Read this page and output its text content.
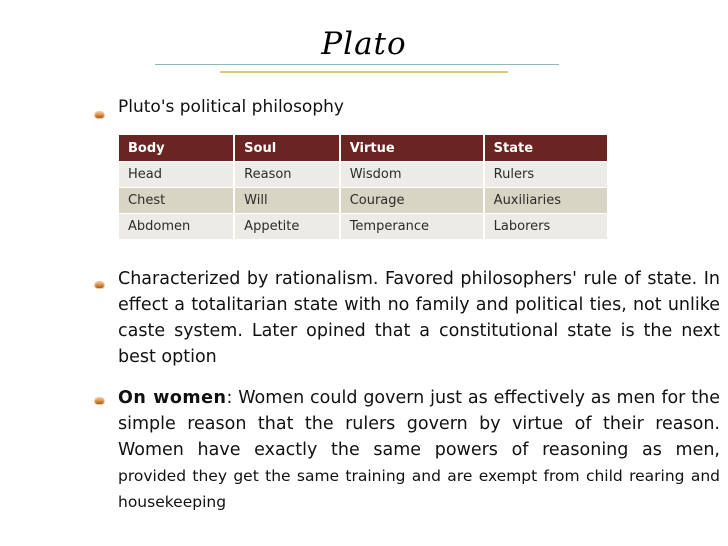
Plato
Pluto's political philosophy
Body	Soul	Virtue	State
Head	Reason	Wisdom	Rulers
Chest	Will	Courage	Auxiliaries
Abdomen	Appetite	Temperance	Laborers
Characterized by rationalism. Favored philosophers' rule of state. In effect a totalitarian state with no family and political ties, not unlike caste system. Later opined that a constitutional state is the next best option
On women: Women could govern just as effectively as men for the simple reason that the rulers govern by virtue of their reason. Women have exactly the same powers of reasoning as men, provided they get the same training and are exempt from child rearing and housekeeping
